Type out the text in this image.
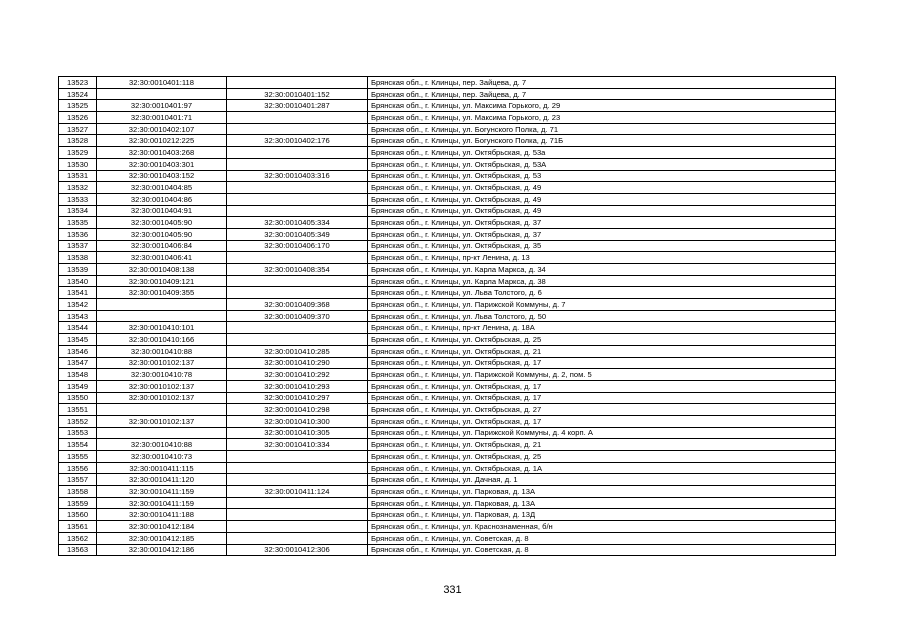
13523	32:30:0010401:118		Брянская обл., г. Клинцы, пер. Зайцева, д. 7
13524		32:30:0010401:152	Брянская обл., г. Клинцы, пер. Зайцева, д. 7
13525	32:30:0010401:97	32:30:0010401:287	Брянская обл., г. Клинцы, ул. Максима Горького, д. 29
13526	32:30:0010401:71		Брянская обл., г. Клинцы, ул. Максима Горького, д. 23
13527	32:30:0010402:107		Брянская обл., г. Клинцы, ул. Богунского Полка, д. 71
13528	32:30:0010212:225	32:30:0010402:176	Брянская обл., г. Клинцы, ул. Богунского Полка, д. 71Б
13529	32:30:0010403:268		Брянская обл., г. Клинцы, ул. Октябрьская, д. 53а
13530	32:30:0010403:301		Брянская обл., г. Клинцы, ул. Октябрьская, д. 53А
13531	32:30:0010403:152	32:30:0010403:316	Брянская обл., г. Клинцы, ул. Октябрьская, д. 53
13532	32:30:0010404:85		Брянская обл., г. Клинцы, ул. Октябрьская, д. 49
13533	32:30:0010404:86		Брянская обл., г. Клинцы, ул. Октябрьская, д. 49
13534	32:30:0010404:91		Брянская обл., г. Клинцы, ул. Октябрьская, д. 49
13535	32:30:0010405:90	32:30:0010405:334	Брянская обл., г. Клинцы, ул. Октябрьская, д. 37
13536	32:30:0010405:90	32:30:0010405:349	Брянская обл., г. Клинцы, ул. Октябрьская, д. 37
13537	32:30:0010406:84	32:30:0010406:170	Брянская обл., г. Клинцы, ул. Октябрьская, д. 35
13538	32:30:0010406:41		Брянская обл., г. Клинцы, пр-кт Ленина, д. 13
13539	32:30:0010408:138	32:30:0010408:354	Брянская обл., г. Клинцы, ул. Карла Маркса, д. 34
13540	32:30:0010409:121		Брянская обл., г. Клинцы, ул. Карла Маркса, д. 38
13541	32:30:0010409:355		Брянская обл., г. Клинцы, ул. Льва Толстого, д. 6
13542		32:30:0010409:368	Брянская обл., г. Клинцы, ул. Парижской Коммуны, д. 7
13543		32:30:0010409:370	Брянская обл., г. Клинцы, ул. Льва Толстого, д. 50
13544	32:30:0010410:101		Брянская обл., г. Клинцы, пр-кт Ленина, д. 18А
13545	32:30:0010410:166		Брянская обл., г. Клинцы, ул. Октябрьская, д. 25
13546	32:30:0010410:88	32:30:0010410:285	Брянская обл., г. Клинцы, ул. Октябрьская, д. 21
13547	32:30:0010102:137	32:30:0010410:290	Брянская обл., г. Клинцы, ул. Октябрьская, д. 17
13548	32:30:0010410:78	32:30:0010410:292	Брянская обл., г. Клинцы, ул. Парижской Коммуны, д. 2, пом. 5
13549	32:30:0010102:137	32:30:0010410:293	Брянская обл., г. Клинцы, ул. Октябрьская, д. 17
13550	32:30:0010102:137	32:30:0010410:297	Брянская обл., г. Клинцы, ул. Октябрьская, д. 17
13551		32:30:0010410:298	Брянская обл., г. Клинцы, ул. Октябрьская, д. 27
13552	32:30:0010102:137	32:30:0010410:300	Брянская обл., г. Клинцы, ул. Октябрьская, д. 17
13553		32:30:0010410:305	Брянская обл., г. Клинцы, ул. Парижской Коммуны, д. 4 корп. А
13554	32:30:0010410:88	32:30:0010410:334	Брянская обл., г. Клинцы, ул. Октябрьская, д. 21
13555	32:30:0010410:73		Брянская обл., г. Клинцы, ул. Октябрьская, д. 25
13556	32:30:0010411:115		Брянская обл., г. Клинцы, ул. Октябрьская, д. 1А
13557	32:30:0010411:120		Брянская обл., г. Клинцы, ул. Дачная, д. 1
13558	32:30:0010411:159	32:30:0010411:124	Брянская обл., г. Клинцы, ул. Парковая, д. 13А
13559	32:30:0010411:159		Брянская обл., г. Клинцы, ул. Парковая, д. 13А
13560	32:30:0010411:188		Брянская обл., г. Клинцы, ул. Парковая, д. 13Д
13561	32:30:0010412:184		Брянская обл., г. Клинцы, ул. Краснознаменная, б/н
13562	32:30:0010412:185		Брянская обл., г. Клинцы, ул. Советская, д. 8
13563	32:30:0010412:186	32:30:0010412:306	Брянская обл., г. Клинцы, ул. Советская, д. 8
331
